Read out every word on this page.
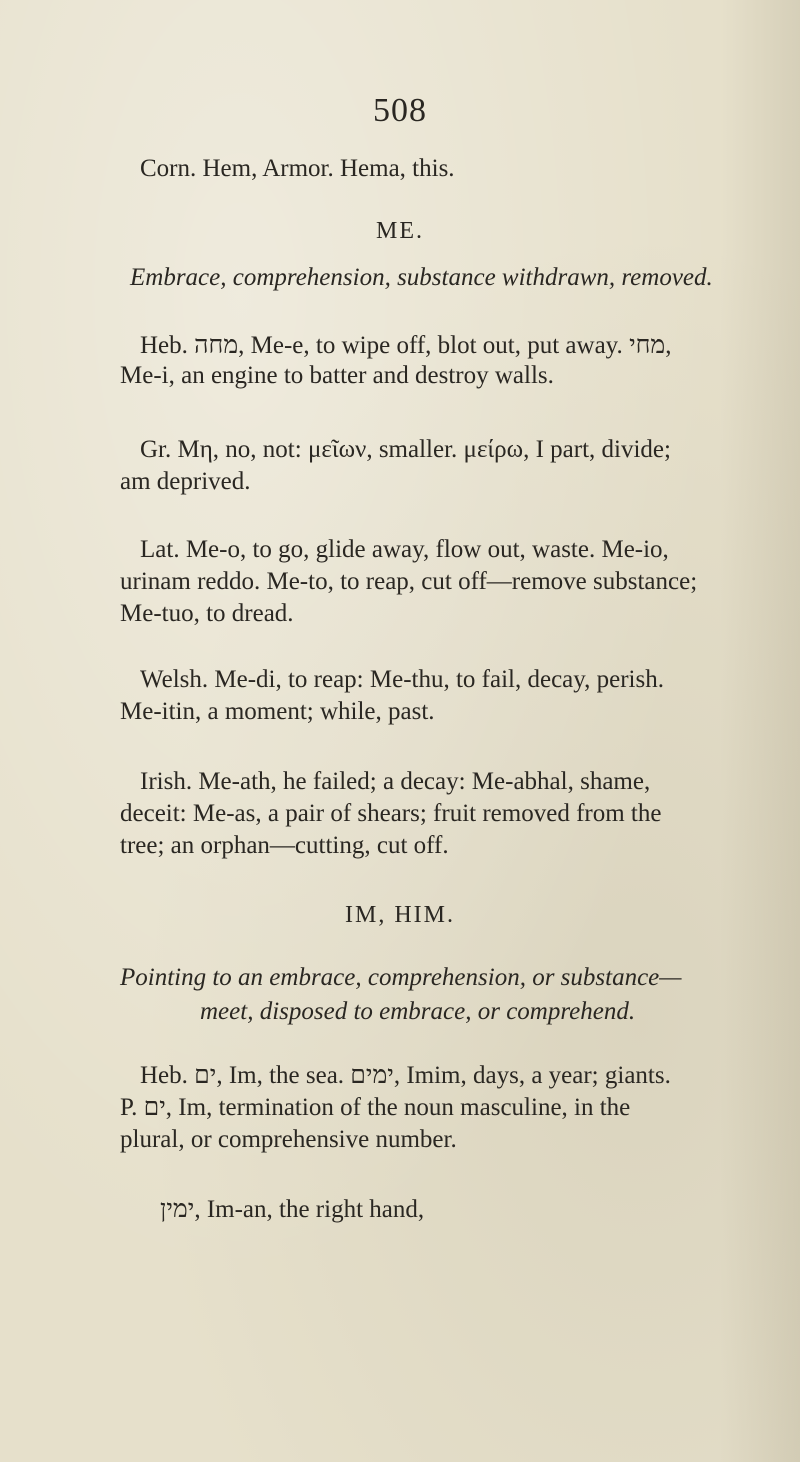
508
Corn. Hem, Armor. Hema, this.
ME.
Embrace, comprehension, substance withdrawn, removed.
Heb. מחה, Me-e, to wipe off, blot out, put away. מחי,
Me-i, an engine to batter and destroy walls.
Gr. Mη, no, not: μεῖων, smaller. μείρω, I part, divide;
am deprived.
Lat. Me-o, to go, glide away, flow out, waste. Me-io,
urinam reddo. Me-to, to reap, cut off—remove substance;
Me-tuo, to dread.
Welsh. Me-di, to reap: Me-thu, to fail, decay, perish.
Me-itin, a moment; while, past.
Irish. Me-ath, he failed; a decay: Me-abhal, shame,
deceit: Me-as, a pair of shears; fruit removed from the
tree; an orphan—cutting, cut off.
IM, HIM.
Pointing to an embrace, comprehension, or substance—
meet, disposed to embrace, or comprehend.
Heb. ים, Im, the sea. ימים, Imim, days, a year; giants.
P. ים, Im, termination of the noun masculine, in the
plural, or comprehensive number.
ימין, Im-an, the right hand,
